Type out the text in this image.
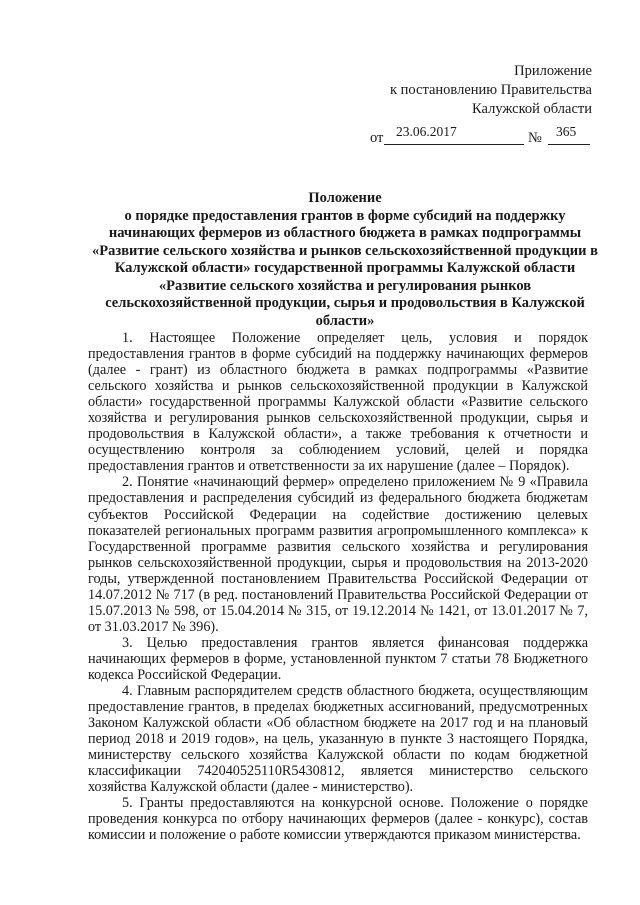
Приложение
к постановлению Правительства
Калужской области
от 23.06.2017	№ 365
Положение
о порядке предоставления грантов в форме субсидий на поддержку начинающих фермеров из областного бюджета в рамках подпрограммы «Развитие сельского хозяйства и рынков сельскохозяйственной продукции в Калужской области» государственной программы Калужской области «Развитие сельского хозяйства и регулирования рынков сельскохозяйственной продукции, сырья и продовольствия в Калужской области»

1. Настоящее Положение определяет цель, условия и порядок предоставления грантов в форме субсидий на поддержку начинающих фермеров (далее - грант) из областного бюджета в рамках подпрограммы «Развитие сельского хозяйства и рынков сельскохозяйственной продукции в Калужской области» государственной программы Калужской области «Развитие сельского хозяйства и регулирования рынков сельскохозяйственной продукции, сырья и продовольствия в Калужской области», а также требования к отчетности и осуществлению контроля за соблюдением условий, целей и порядка предоставления грантов и ответственности за их нарушение (далее – Порядок).

2. Понятие «начинающий фермер» определено приложением № 9 «Правила предоставления и распределения субсидий из федерального бюджета бюджетам субъектов Российской Федерации на содействие достижению целевых показателей региональных программ развития агропромышленного комплекса» к Государственной программе развития сельского хозяйства и регулирования рынков сельскохозяйственной продукции, сырья и продовольствия на 2013-2020 годы, утвержденной постановлением Правительства Российской Федерации от 14.07.2012 № 717 (в ред. постановлений Правительства Российской Федерации от 15.07.2013 № 598, от 15.04.2014 № 315, от 19.12.2014 № 1421, от 13.01.2017 № 7, от 31.03.2017 № 396).

3. Целью предоставления грантов является финансовая поддержка начинающих фермеров в форме, установленной пунктом 7 статьи 78 Бюджетного кодекса Российской Федерации.

4. Главным распорядителем средств областного бюджета, осуществляющим предоставление грантов, в пределах бюджетных ассигнований, предусмотренных Законом Калужской области «Об областном бюджете на 2017 год и на плановый период 2018 и 2019 годов», на цель, указанную в пункте 3 настоящего Порядка, министерству сельского хозяйства Калужской области по кодам бюджетной классификации 742040525110R5430812, является министерство сельского хозяйства Калужской области (далее - министерство).

5. Гранты предоставляются на конкурсной основе. Положение о порядке проведения конкурса по отбору начинающих фермеров (далее - конкурс), состав комиссии и положение о работе комиссии утверждаются приказом министерства.
